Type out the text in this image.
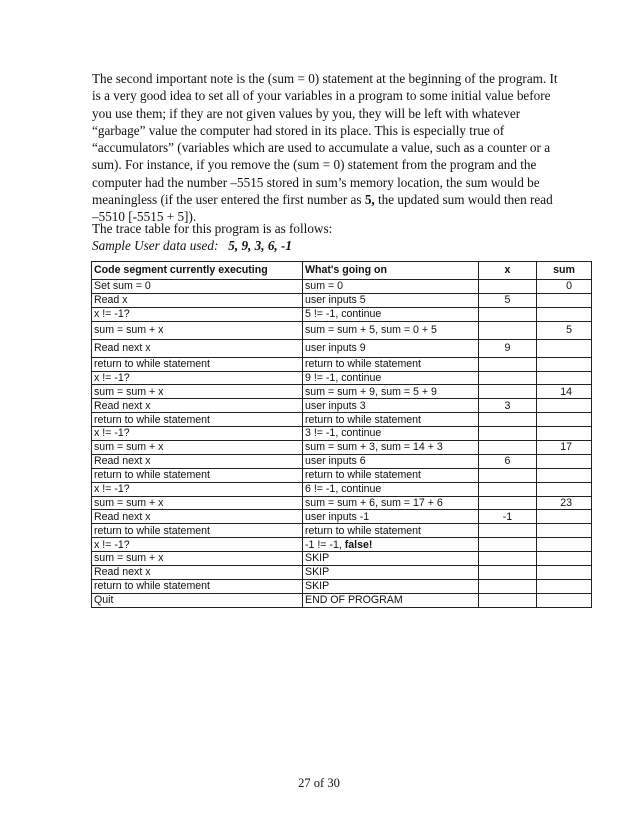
The second important note is the (sum = 0) statement at the beginning of the program. It
is a very good idea to set all of your variables in a program to some initial value before
you use them; if they are not given values by you, they will be left with whatever
“garbage” value the computer had stored in its place. This is especially true of
“accumulators” (variables which are used to accumulate a value, such as a counter or a
sum). For instance, if you remove the (sum = 0) statement from the program and the
computer had the number –5515 stored in sum’s memory location, the sum would be
meaningless (if the user entered the first number as 5, the updated sum would then read
–5510 [-5515 + 5]).
The trace table for this program is as follows:
Sample User data used:   5, 9, 3, 6, -1
Code segment currently executing	What's going on	x	sum
Set sum = 0	sum = 0		0
Read x	user inputs 5	5	
x != -1?	5 != -1, continue		
sum = sum + x	sum = sum + 5, sum = 0 + 5		5
Read next x	user inputs 9	9	
return to while statement	return to while statement		
x != -1?	9 != -1, continue		
sum = sum + x	sum = sum + 9, sum = 5 + 9		14
Read next x	user inputs 3	3	
return to while statement	return to while statement		
x != -1?	3 != -1, continue		
sum = sum + x	sum = sum + 3, sum = 14 + 3		17
Read next x	user inputs 6	6	
return to while statement	return to while statement		
x != -1?	6 != -1, continue		
sum = sum + x	sum = sum + 6, sum = 17 + 6		23
Read next x	user inputs -1	-1	
return to while statement	return to while statement		
x != -1?	-1 != -1, false!		
sum = sum + x	SKIP		
Read next x	SKIP		
return to while statement	SKIP		
Quit	END OF PROGRAM		
27 of 30
